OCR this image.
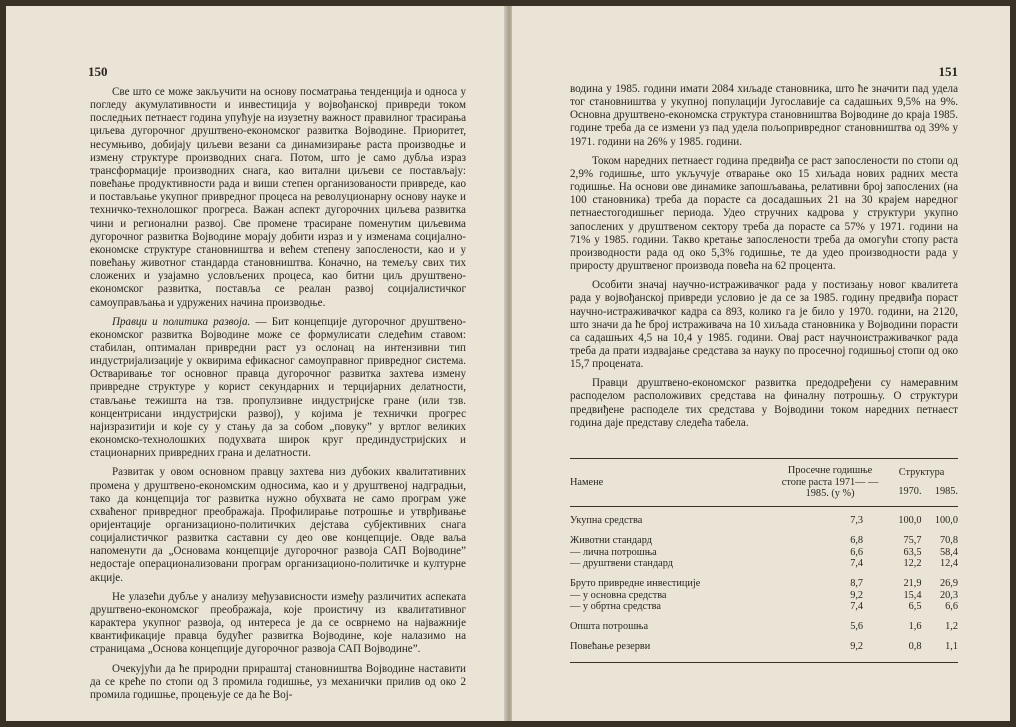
150

Све што се може закључити на основу посматрања тенденција и односа у погледу акумулативности и инвестиција у војвођанској привреди током последњих петнаест година упућује на изузетну важност правилног трасирања циљева дугорочног друштвено-економског развитка Војводине. Приоритет, несумњиво, добијају циљеви везани са динамизирање раста производње и измену структуре производних снага. Потом, што је само дубља израз трансформације производних снага, као витални циљеви се постављају: повећање продуктивности рада и виши степен организованости привреде, као и постављање укупног привредног процеса на револуционарну основу науке и техничко-технолошког прогреса. Важан аспект дугорочних циљева развитка чини и регионални развој. Све промене трасиране поменутим циљевима дугорочног развитка Војводине морају добити израз и у изменама социјално-економске структуре становништва и већем степену запослености, као и у повећању животног стандарда становништва. Коначно, на темељу свих тих сложених и узајамно условљених процеса, као битни циљ друштвено-економског развитка, поставља се реалан развој социјалистичког самоуправљања и удружених начина производње.

Правци и политика развоја. — Бит концепције дугорочног друштвено-економског развитка Војводине може се формулисати следећим ставом: стабилан, оптималан привредни раст уз ослонац на интензивни тип индустријализације у оквирима ефикасног самоуправног привредног система. Остваривање тог основног правца дугорочног развитка захтева измену привредне структуре у корист секундарних и терцијарних делатности, стављање тежишта на тзв. пропулзивне индустријске гране (или тзв. концентрисани индустријски развој), у којима је технички прогрес најизразитији и које су у стању да за собом „повуку” у вртлог великих економско-технолошких подухвата широк круг прединдустријских и стационарних привредних грана и делатности.

Развитак у овом основном правцу захтева низ дубоких квалитативних промена у друштвено-економским односима, као и у друштвеној надградњи, тако да концепција тог развитка нужно обухвата не само програм уже схваћеног привредног преображаја. Профилирање потрошње и утврђивање оријентације организационо-политичких дејстава субјективних снага социјалистичког развитка саставни су део ове концепције. Овде ваља напоменути да „Основама концепције дугорочног развоја САП Војводине” недостаје операционализовани програм организационо-политичке и културне акције.

Не улазећи дубље у анализу међузависности између различитих аспеката друштвено-економског преображаја, које проистичу из квалитативног карактера укупног развоја, од интереса је да се осврнемо на најважније квантификације правца будућег развитка Војводине, које налазимо на страницама „Основа концепције дугорочног развоја САП Војводине”.

Очекујући да ће природни прираштај становништва Војводине наставити да се креће по стопи од 3 промила годишње, уз механички прилив од око 2 промила годишње, процењује се да ће Вој-

151

водина у 1985. години имати 2084 хиљаде становника, што ће значити пад удела тог становништва у укупној популацији Југославије са садашњих 9,5% на 9%. Основна друштвено-економска структура становништва Војводине до краја 1985. године треба да се измени уз пад удела пољопривредног становништва од 39% у 1971. години на 26% у 1985. години.

Током наредних петнаест година предвиђа се раст запослености по стопи од 2,9% годишње, што укључује отварање око 15 хиљада нових радних места годишње. На основи ове динамике запошљавања, релативни број запослених (на 100 становника) треба да порасте са досадашњих 21 на 30 крајем наредног петнаестогодишњег периода. Удео стручних кадрова у структури укупно запослених у друштвеном сектору треба да порасте са 57% у 1971. години на 71% у 1985. години. Такво кретање запослености треба да омогући стопу раста производности рада од око 5,3% годишње, те да удео производности рада у приросту друштвеног производа повећа на 62 процента.

Особити значај научно-истраживачког рада у постизању новог квалитета рада у војвођанској привреди условио је да се за 1985. годину предвиђа пораст научно-истраживачког кадра са 893, колико га је било у 1970. години, на 2120, што значи да ће број истраживача на 10 хиљада становника у Војводини порасти са садашњих 4,5 на 10,4 у 1985. години. Овај раст научноистраживачког рада треба да прати издвајање средстава за науку по просечној годишњој стопи од око 15,7 процената.

Правци друштвено-економског развитка предодређени су намеравним расподелом расположивих средстава на финалну потрошњу. О структури предвиђене расподеле тих средстава у Војводини током наредних петнаест година даје представу следећа табела.

Намене	Просечне годишње стопе раста 1971— —1985. (у %)	Структура	
		1970.	1985.

Укупна средства	7,3	100,0	100,0

Животни стандард	6,8	75,7	70,8
— лична потрошња	6,6	63,5	58,4
— друштвени стандард	7,4	12,2	12,4

Бруто привредне инвестиције	8,7	21,9	26,9
— у основна средства	9,2	15,4	20,3
— у обртна средства	7,4	6,5	6,6

Општа потрошња	5,6	1,6	1,2

Повећање резерви	9,2	0,8	1,1
